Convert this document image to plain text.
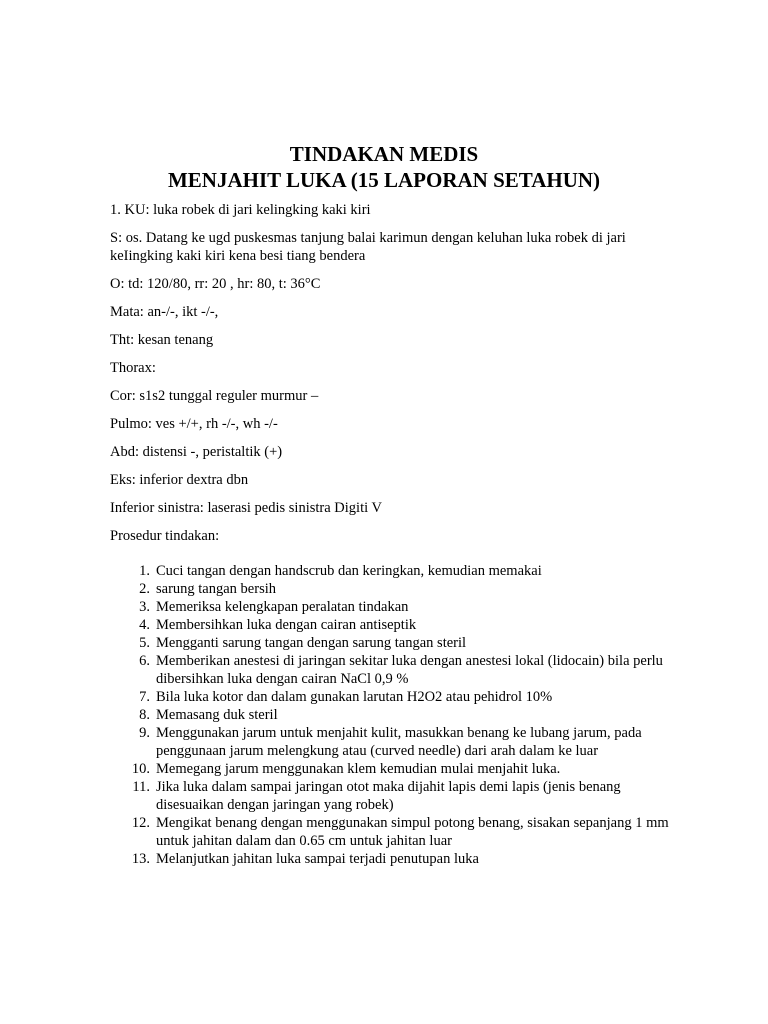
TINDAKAN MEDIS
MENJAHIT LUKA (15 LAPORAN SETAHUN)

1. KU: luka robek di jari kelingking kaki kiri

S: os. Datang ke ugd puskesmas tanjung balai karimun dengan keluhan luka robek di jari keIingking kaki kiri kena besi tiang bendera

O: td: 120/80, rr: 20 , hr: 80, t: 36°C

Mata: an-/-, ikt -/-,

Tht: kesan tenang

Thorax:

Cor: s1s2 tunggal reguler murmur –

Pulmo: ves +/+, rh -/-, wh -/-

Abd: distensi -, peristaltik (+)

Eks: inferior dextra dbn

Inferior sinistra: laserasi pedis sinistra Digiti V

Prosedur tindakan:

1. Cuci tangan dengan handscrub dan keringkan, kemudian memakai
2. sarung tangan bersih
3. Memeriksa kelengkapan peralatan tindakan
4. Membersihkan luka dengan cairan antiseptik
5. Mengganti sarung tangan dengan sarung tangan steril
6. Memberikan anestesi di jaringan sekitar luka dengan anestesi lokal (lidocain) bila perlu dibersihkan luka dengan cairan NaCl 0,9 %
7. Bila luka kotor dan dalam gunakan larutan H2O2 atau pehidrol 10%
8. Memasang duk steril
9. Menggunakan jarum untuk menjahit kulit, masukkan benang ke lubang jarum, pada penggunaan jarum melengkung atau (curved needle) dari arah dalam ke luar
10. Memegang jarum menggunakan klem kemudian mulai menjahit luka.
11. Jika luka dalam sampai jaringan otot maka dijahit lapis demi lapis (jenis benang disesuaikan dengan jaringan yang robek)
12. Mengikat benang dengan menggunakan simpul potong benang, sisakan sepanjang 1 mm untuk jahitan dalam dan 0.65 cm untuk jahitan luar
13. Melanjutkan jahitan luka sampai terjadi penutupan luka
